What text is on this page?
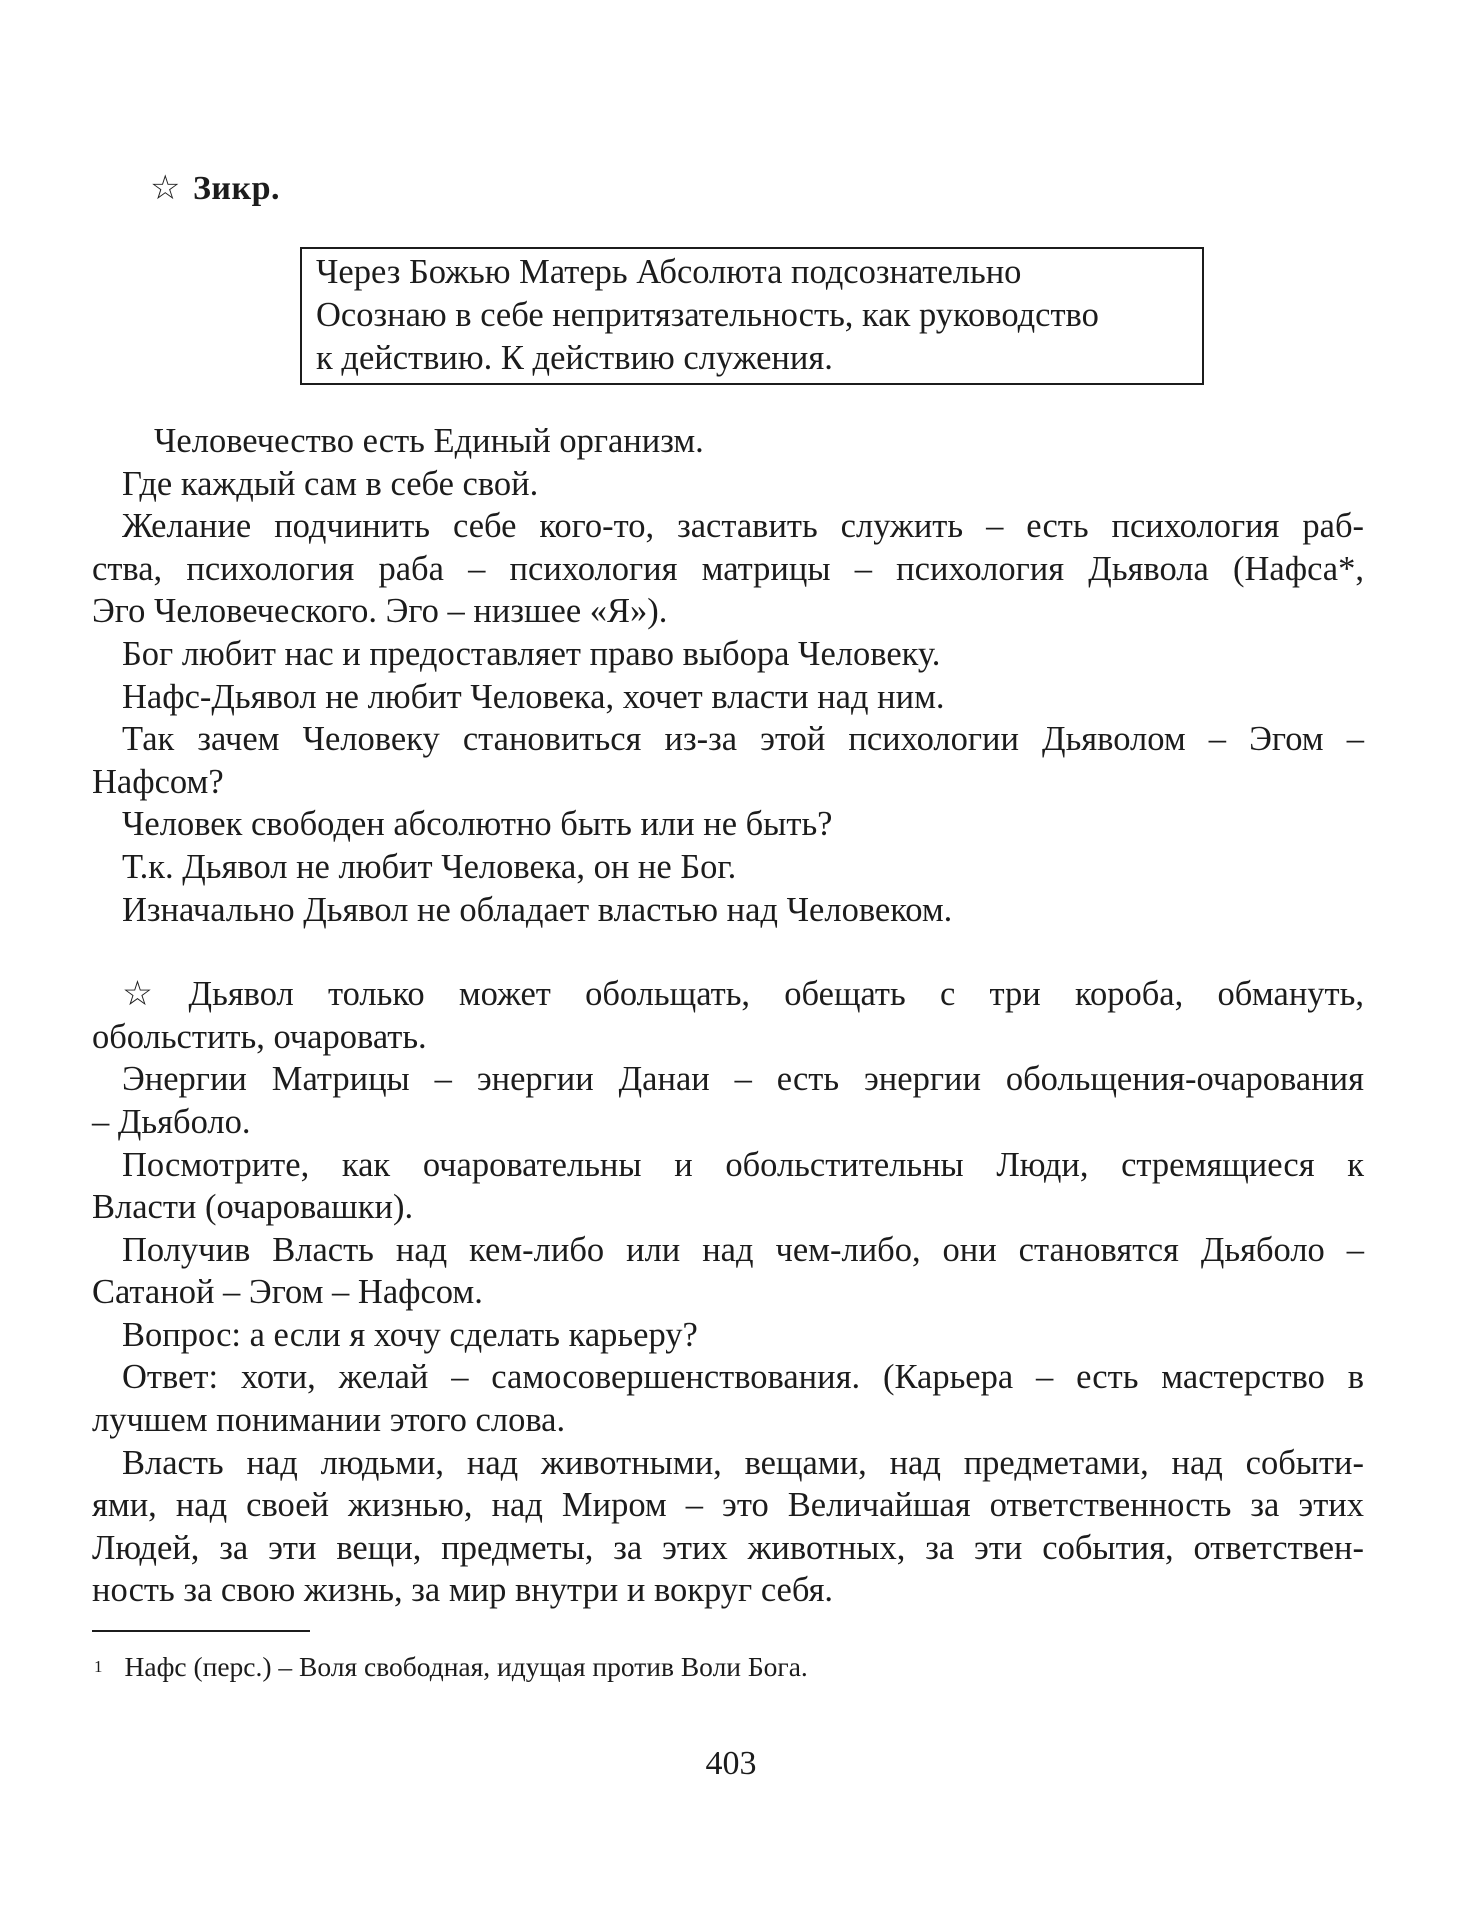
☆ Зикр.
Через Божью Матерь Абсолюта подсознательно
Осознаю в себе непритязательность, как руководство
к действию. К действию служения.
Человечество есть Единый организм.
Где каждый сам в себе свой.
Желание подчинить себе кого-то, заставить служить – есть психология раб-
ства, психология раба – психология матрицы – психология Дьявола (Нафса*,
Эго Человеческого. Эго – низшее «Я»).
Бог любит нас и предоставляет право выбора Человеку.
Нафс-Дьявол не любит Человека, хочет власти над ним.
Так зачем Человеку становиться из-за этой психологии Дьяволом – Эгом –
Нафсом?
Человек свободен абсолютно быть или не быть?
Т.к. Дьявол не любит Человека, он не Бог.
Изначально Дьявол не обладает властью над Человеком.
☆ Дьявол только может обольщать, обещать с три короба, обмануть,
обольстить, очаровать.
Энергии Матрицы – энергии Данаи – есть энергии обольщения-очарования
– Дьяболо.
Посмотрите, как очаровательны и обольстительны Люди, стремящиеся к
Власти (очаровашки).
Получив Власть над кем-либо или над чем-либо, они становятся Дьяболо –
Сатаной – Эгом – Нафсом.
Вопрос: а если я хочу сделать карьеру?
Ответ: хоти, желай – самосовершенствования. (Карьера – есть мастерство в
лучшем понимании этого слова.
Власть над людьми, над животными, вещами, над предметами, над событи-
ями, над своей жизнью, над Миром – это Величайшая ответственность за этих
Людей, за эти вещи, предметы, за этих животных, за эти события, ответствен-
ность за свою жизнь, за мир внутри и вокруг себя.
$^1$ Нафс (перс.) – Воля свободная, идущая против Воли Бога.
403
